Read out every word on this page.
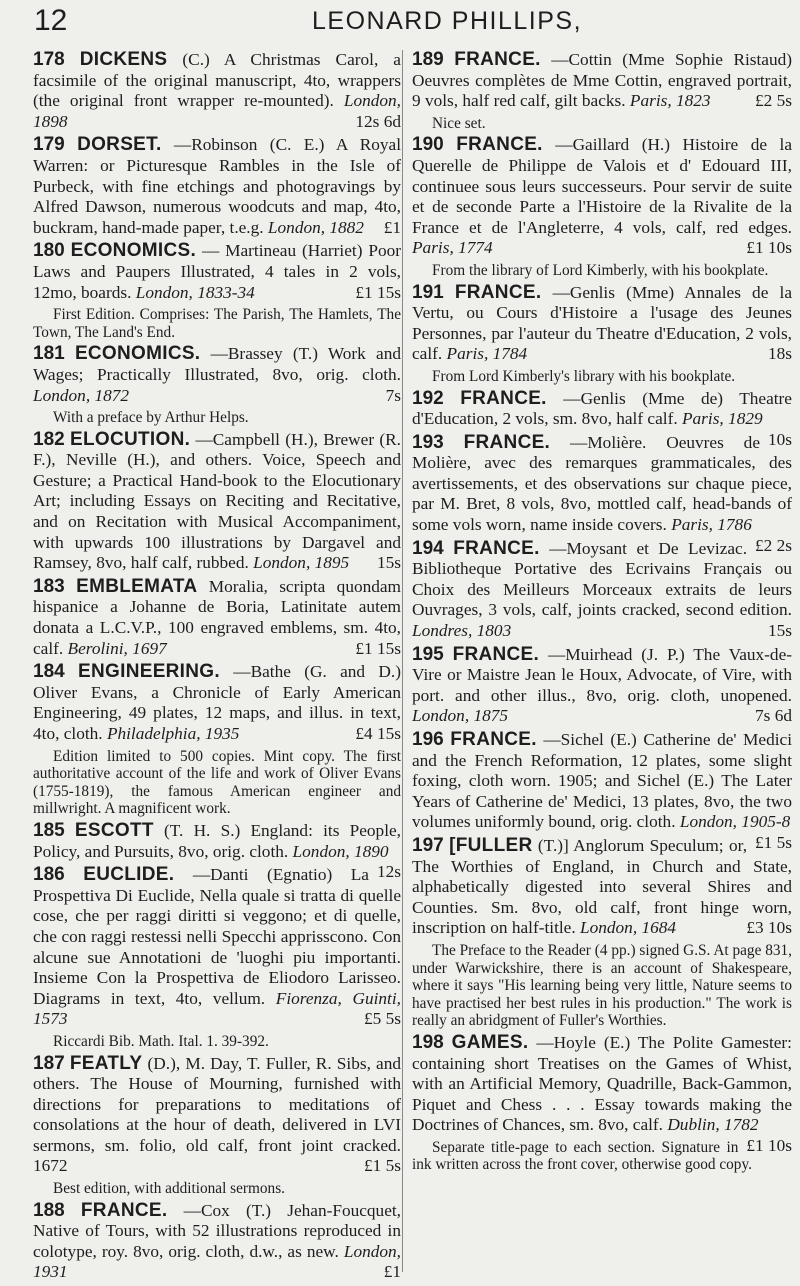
12	LEONARD PHILLIPS,

178 DICKENS (C.) A Christmas Carol, a facsimile of the original manuscript, 4to, wrappers (the original front wrapper re-mounted). London, 1898	12s 6d

179 DORSET. —Robinson (C. E.) A Royal Warren: or Picturesque Rambles in the Isle of Purbeck, with fine etchings and photogravings by Alfred Dawson, numerous woodcuts and map, 4to, buckram, hand-made paper, t.e.g. London, 1882	£1

180 ECONOMICS. — Martineau (Harriet) Poor Laws and Paupers Illustrated, 4 tales in 2 vols, 12mo, boards. London, 1833-34	£1 15s

First Edition. Comprises: The Parish, The Hamlets, The Town, The Land's End.

181 ECONOMICS. —Brassey (T.) Work and Wages; Practically Illustrated, 8vo, orig. cloth. London, 1872	7s

With a preface by Arthur Helps.

182 ELOCUTION. —Campbell (H.), Brewer (R. F.), Neville (H.), and others. Voice, Speech and Gesture; a Practical Hand-book to the Elocutionary Art; including Essays on Reciting and Recitative, and on Recitation with Musical Accompaniment, with upwards 100 illustrations by Dargavel and Ramsey, 8vo, half calf, rubbed. London, 1895	15s

183 EMBLEMATA Moralia, scripta quondam hispanice a Johanne de Boria, Latinitate autem donata a L.C.V.P., 100 engraved emblems, sm. 4to, calf. Berolini, 1697	£1 15s

184 ENGINEERING. —Bathe (G. and D.) Oliver Evans, a Chronicle of Early American Engineering, 49 plates, 12 maps, and illus. in text, 4to, cloth. Philadelphia, 1935	£4 15s

Edition limited to 500 copies. Mint copy. The first authoritative account of the life and work of Oliver Evans (1755-1819), the famous American engineer and millwright. A magnificent work.

185 ESCOTT (T. H. S.) England: its People, Policy, and Pursuits, 8vo, orig. cloth. London, 1890
12s

186 EUCLIDE. —Danti (Egnatio) La Prospettiva Di Euclide, Nella quale si tratta di quelle cose, che per raggi diritti si veggono; et di quelle, che con raggi restessi nelli Specchi apprisscono. Con alcune sue Annotationi de 'luoghi piu importanti. Insieme Con la Prospettiva de Eliodoro Larisseo. Diagrams in text, 4to, vellum. Fiorenza, Guinti, 1573	£5 5s

Riccardi Bib. Math. Ital. 1. 39-392.

187 FEATLY (D.), M. Day, T. Fuller, R. Sibs, and others. The House of Mourning, furnished with directions for preparations to meditations of consolations at the hour of death, delivered in LVI sermons, sm. folio, old calf, front joint cracked. 1672	£1 5s

Best edition, with additional sermons.

188 FRANCE. —Cox (T.) Jehan-Foucquet, Native of Tours, with 52 illustrations reproduced in colotype, roy. 8vo, orig. cloth, d.w., as new. London, 1931	£1

189 FRANCE. —Cottin (Mme Sophie Ristaud) Oeuvres complètes de Mme Cottin, engraved portrait, 9 vols, half red calf, gilt backs. Paris, 1823	£2 5s

Nice set.

190 FRANCE. —Gaillard (H.) Histoire de la Querelle de Philippe de Valois et d' Edouard III, continuee sous leurs successeurs. Pour servir de suite et de seconde Parte a l'Histoire de la Rivalite de la France et de l'Angleterre, 4 vols, calf, red edges. Paris, 1774	£1 10s

From the library of Lord Kimberly, with his bookplate.

191 FRANCE. —Genlis (Mme) Annales de la Vertu, ou Cours d'Histoire a l'usage des Jeunes Personnes, par l'auteur du Theatre d'Education, 2 vols, calf. Paris, 1784	18s

From Lord Kimberly's library with his bookplate.

192 FRANCE. —Genlis (Mme de) Theatre d'Education, 2 vols, sm. 8vo, half calf. Paris, 1829
10s

193 FRANCE. —Molière. Oeuvres de Molière, avec des remarques grammaticales, des avertissements, et des observations sur chaque piece, par M. Bret, 8 vols, 8vo, mottled calf, head-bands of some vols worn, name inside covers. Paris, 1786
£2 2s

194 FRANCE. —Moysant et De Levizac. Bibliotheque Portative des Ecrivains Français ou Choix des Meilleurs Morceaux extraits de leurs Ouvrages, 3 vols, calf, joints cracked, second edition. Londres, 1803	15s

195 FRANCE. —Muirhead (J. P.) The Vaux-de-Vire or Maistre Jean le Houx, Advocate, of Vire, with port. and other illus., 8vo, orig. cloth, unopened. London, 1875	7s 6d

196 FRANCE. —Sichel (E.) Catherine de' Medici and the French Reformation, 12 plates, some slight foxing, cloth worn. 1905; and Sichel (E.) The Later Years of Catherine de' Medici, 13 plates, 8vo, the two volumes uniformly bound, orig. cloth. London, 1905-8
£1 5s

197 [FULLER (T.)] Anglorum Speculum; or, The Worthies of England, in Church and State, alphabetically digested into several Shires and Counties. Sm. 8vo, old calf, front hinge worn, inscription on half-title. London, 1684	£3 10s

The Preface to the Reader (4 pp.) signed G.S. At page 831, under Warwickshire, there is an account of Shakespeare, where it says "His learning being very little, Nature seems to have practised her best rules in his production." The work is really an abridgment of Fuller's Worthies.

198 GAMES. —Hoyle (E.) The Polite Gamester: containing short Treatises on the Games of Whist, with an Artificial Memory, Quadrille, Back-Gammon, Piquet and Chess . . . Essay towards making the Doctrines of Chances, sm. 8vo, calf. Dublin, 1782
£1 10s

Separate title-page to each section. Signature in ink written across the front cover, otherwise good copy.
